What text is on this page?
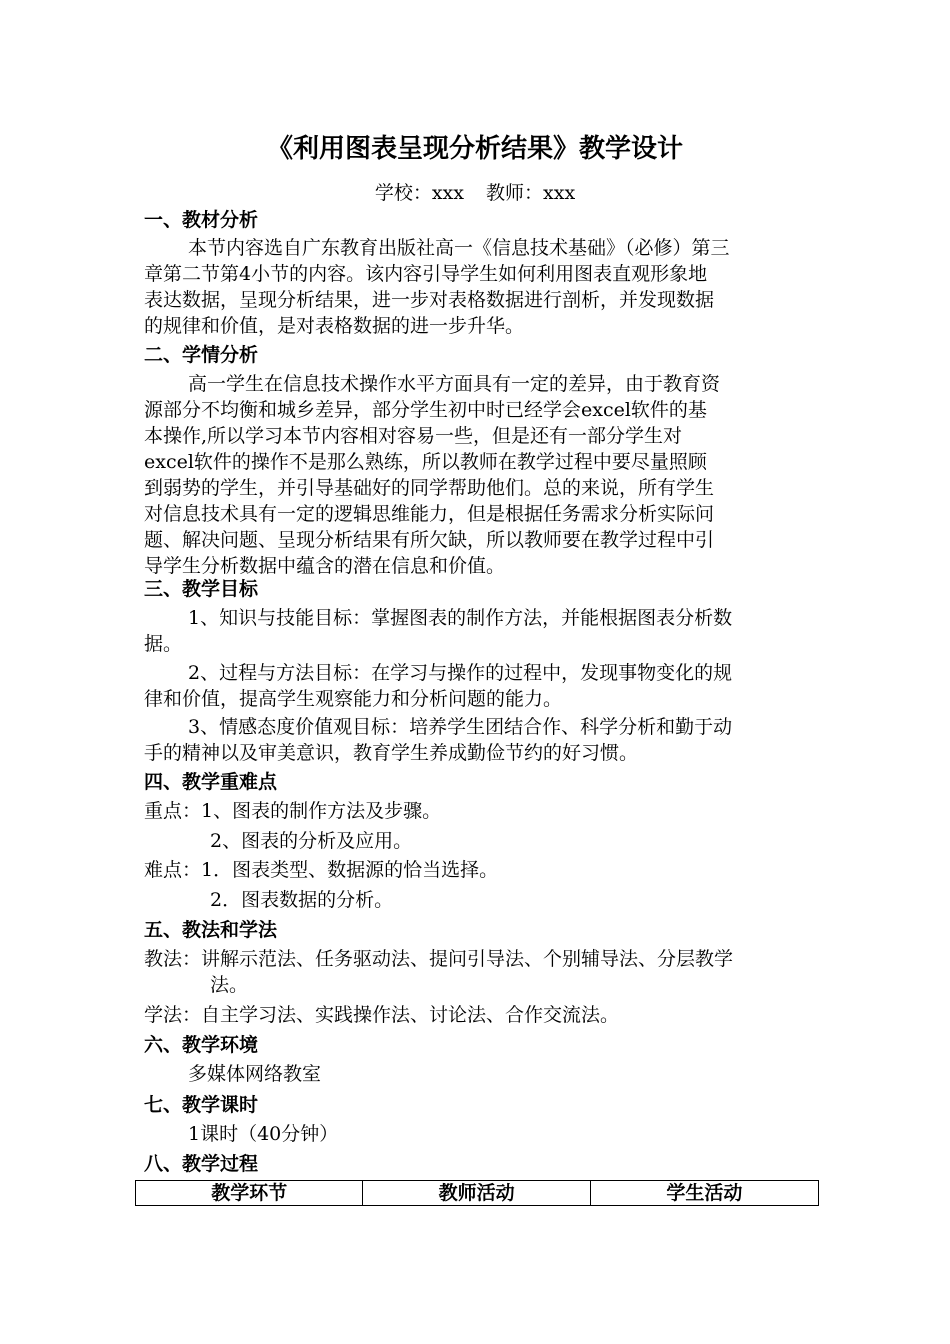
《利用图表呈现分析结果》教学设计
学校：xxx 教师：xxx
一、教材分析
本节内容选自广东教育出版社高一《信息技术基础》（必修）第三
章第二节第4小节的内容。该内容引导学生如何利用图表直观形象地
表达数据，呈现分析结果，进一步对表格数据进行剖析，并发现数据
的规律和价值，是对表格数据的进一步升华。
二、学情分析
高一学生在信息技术操作水平方面具有一定的差异，由于教育资
源部分不均衡和城乡差异，部分学生初中时已经学会excel软件的基
本操作,所以学习本节内容相对容易一些，但是还有一部分学生对
excel软件的操作不是那么熟练，所以教师在教学过程中要尽量照顾
到弱势的学生，并引导基础好的同学帮助他们。总的来说，所有学生
对信息技术具有一定的逻辑思维能力，但是根据任务需求分析实际问
题、解决问题、呈现分析结果有所欠缺，所以教师要在教学过程中引
导学生分析数据中蕴含的潜在信息和价值。
三、教学目标
1、知识与技能目标：掌握图表的制作方法，并能根据图表分析数
据。
2、过程与方法目标：在学习与操作的过程中，发现事物变化的规
律和价值，提高学生观察能力和分析问题的能力。
3、情感态度价值观目标：培养学生团结合作、科学分析和勤于动
手的精神以及审美意识，教育学生养成勤俭节约的好习惯。
四、教学重难点
重点：1、图表的制作方法及步骤。
2、图表的分析及应用。
难点：1．图表类型、数据源的恰当选择。
2．图表数据的分析。
五、教法和学法
教法：讲解示范法、任务驱动法、提问引导法、个别辅导法、分层教学
法。
学法：自主学习法、实践操作法、讨论法、合作交流法。
六、教学环境
多媒体网络教室
七、教学课时
1课时（40分钟）
八、教学过程
教学环节	教师活动	学生活动
